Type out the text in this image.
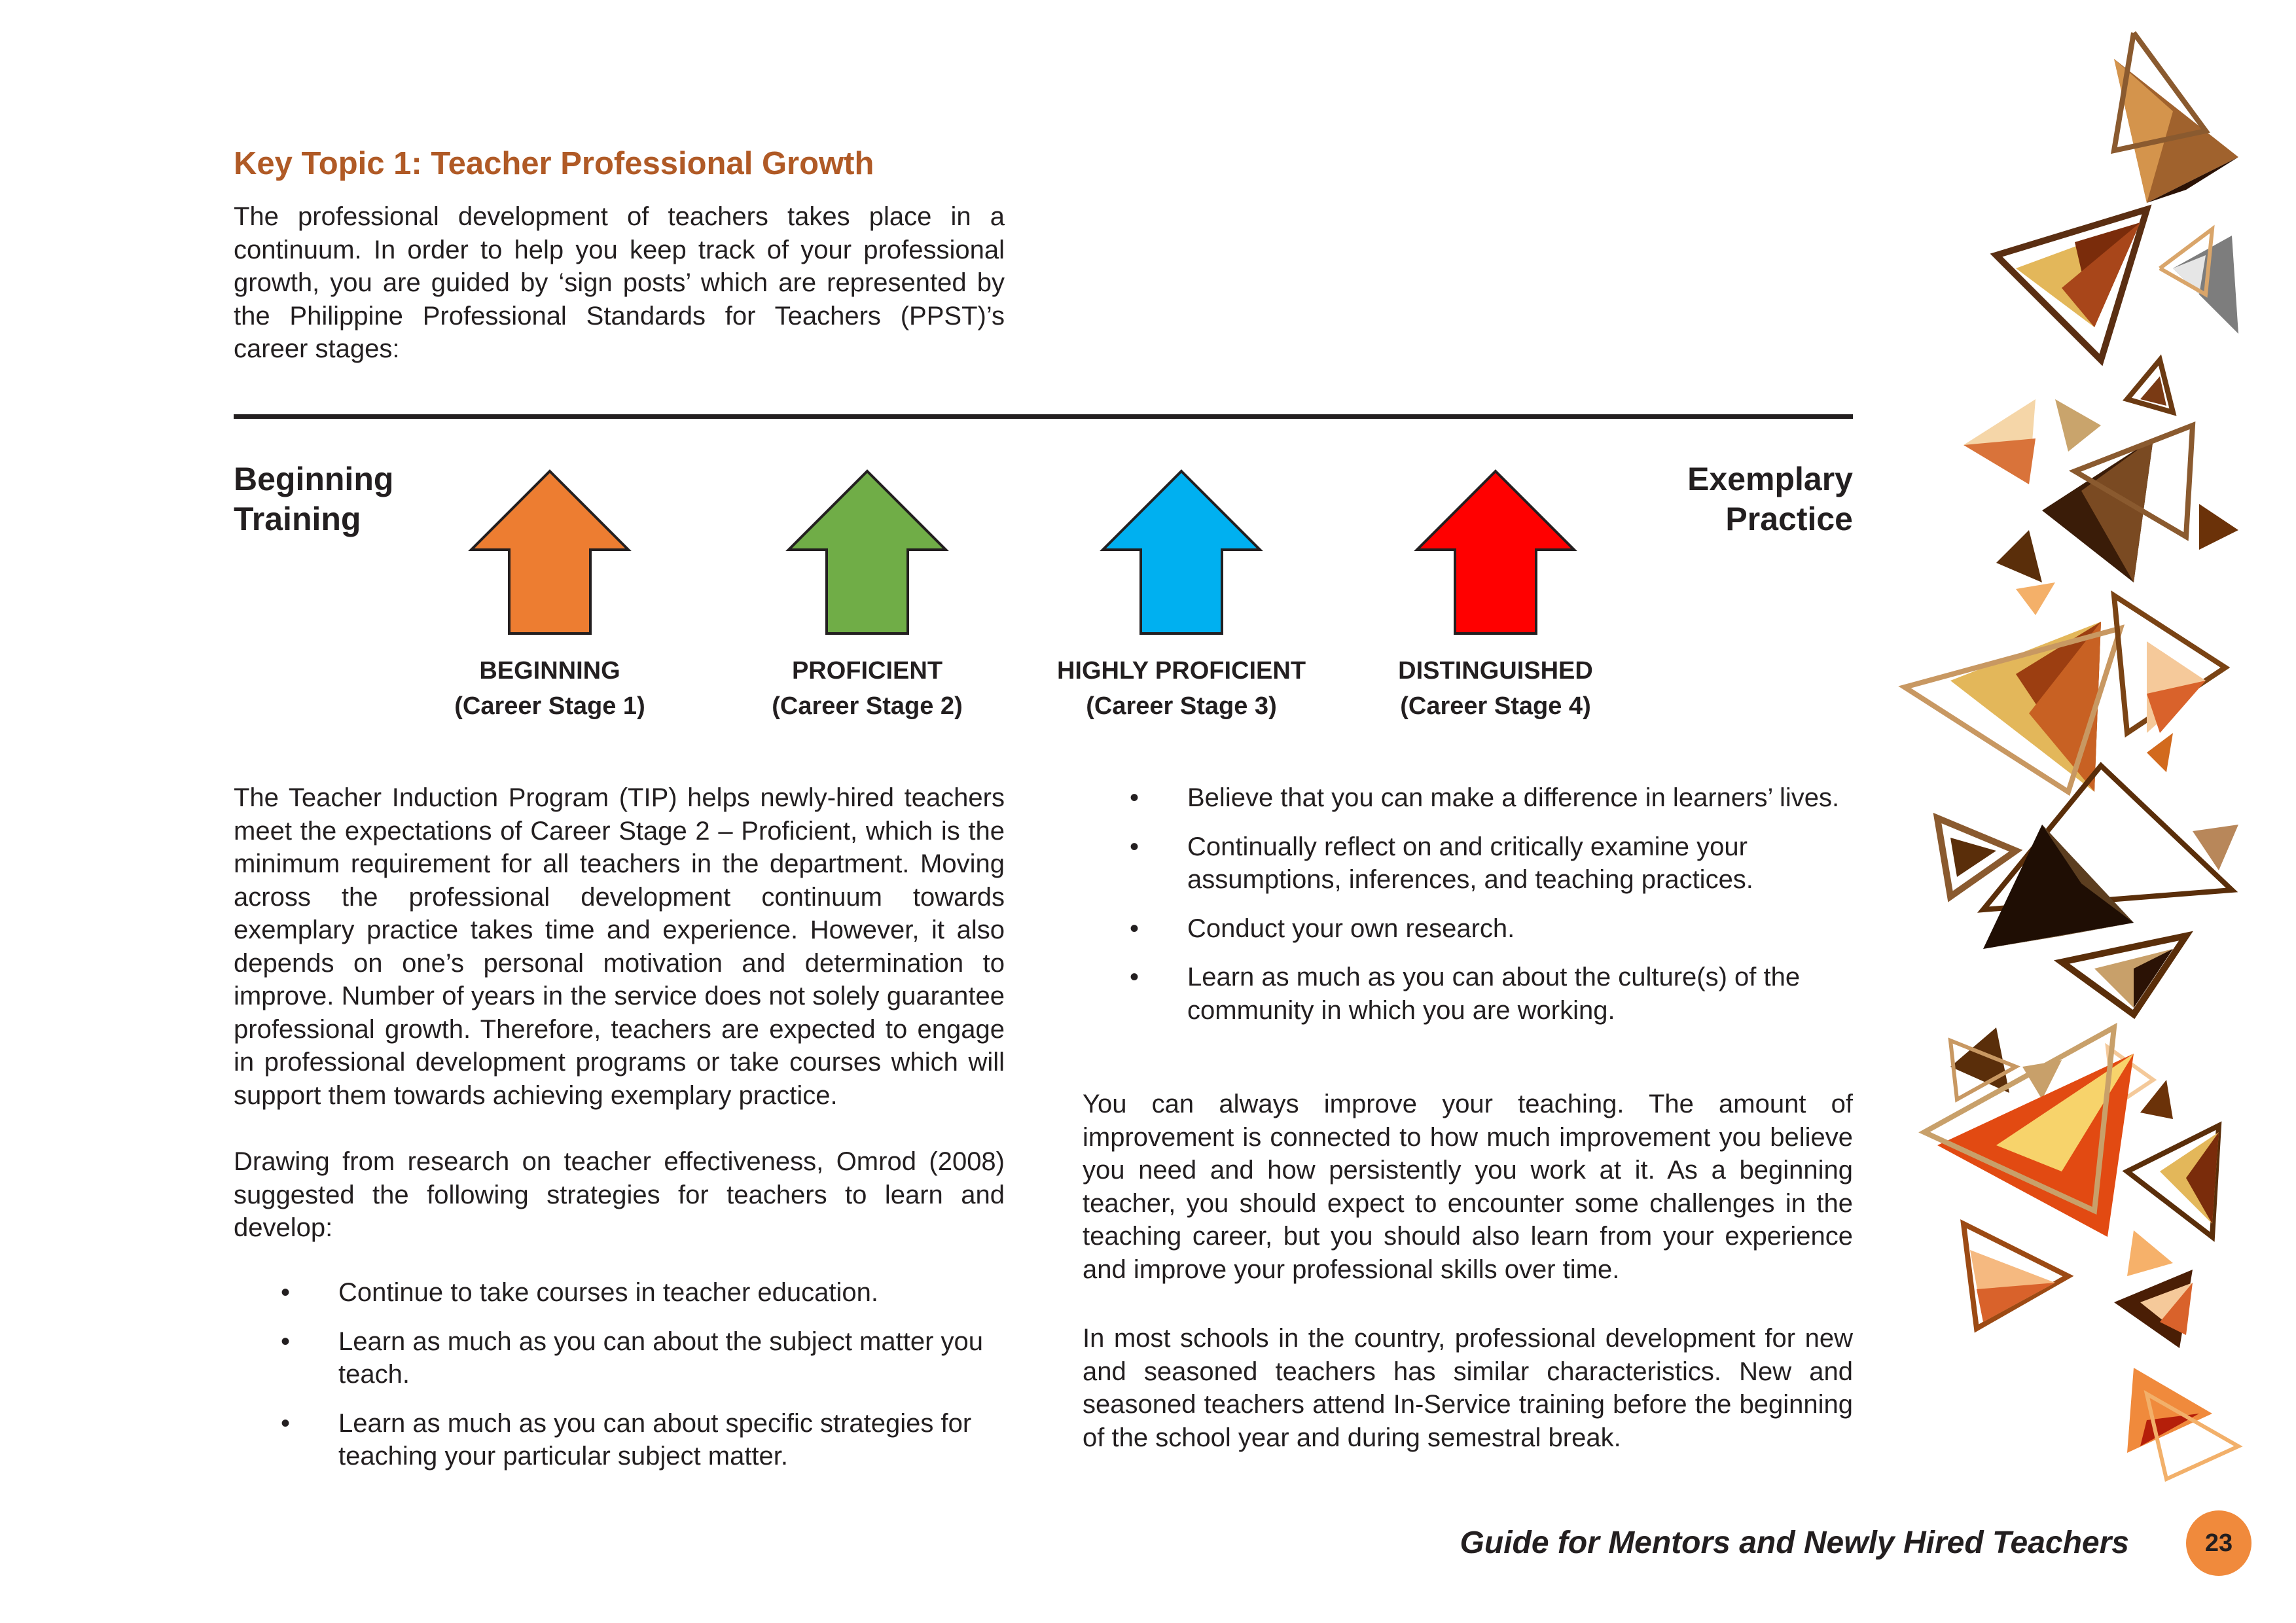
Key Topic 1: Teacher Professional Growth

The professional development of teachers takes place in a continuum. In order to help you keep track of your professional growth, you are guided by ‘sign posts’ which are represented by the Philippine Professional Standards for Teachers (PPST)’s career stages:

Beginning
Training
Exemplary
Practice
BEGINNING
(Career Stage 1)
PROFICIENT
(Career Stage 2)
HIGHLY PROFICIENT
(Career Stage 3)
DISTINGUISHED
(Career Stage 4)

The Teacher Induction Program (TIP) helps newly-hired teachers meet the expectations of Career Stage 2 – Proficient, which is the minimum requirement for all teachers in the department. Moving across the professional development continuum towards exemplary practice takes time and experience. However, it also depends on one’s personal motivation and determination to improve. Number of years in the service does not solely guarantee professional growth. Therefore, teachers are expected to engage in professional development programs or take courses which will support them towards achieving exemplary practice.

Drawing from research on teacher effectiveness, Omrod (2008) suggested the following strategies for teachers to learn and develop:

• Continue to take courses in teacher education.
• Learn as much as you can about the subject matter you teach.
• Learn as much as you can about specific strategies for teaching your particular subject matter.
• Believe that you can make a difference in learners’ lives.
• Continually reflect on and critically examine your assumptions, inferences, and teaching practices.
• Conduct your own research.
• Learn as much as you can about the culture(s) of the community in which you are working.

You can always improve your teaching. The amount of improvement is connected to how much improvement you believe you need and how persistently you work at it. As a beginning teacher, you should expect to encounter some challenges in the teaching career, but you should also learn from your experience and improve your professional skills over time.

In most schools in the country, professional development for new and seasoned teachers has similar characteristics. New and seasoned teachers attend In-Service training before the beginning of the school year and during semestral break.

Guide for Mentors and Newly Hired Teachers	23
